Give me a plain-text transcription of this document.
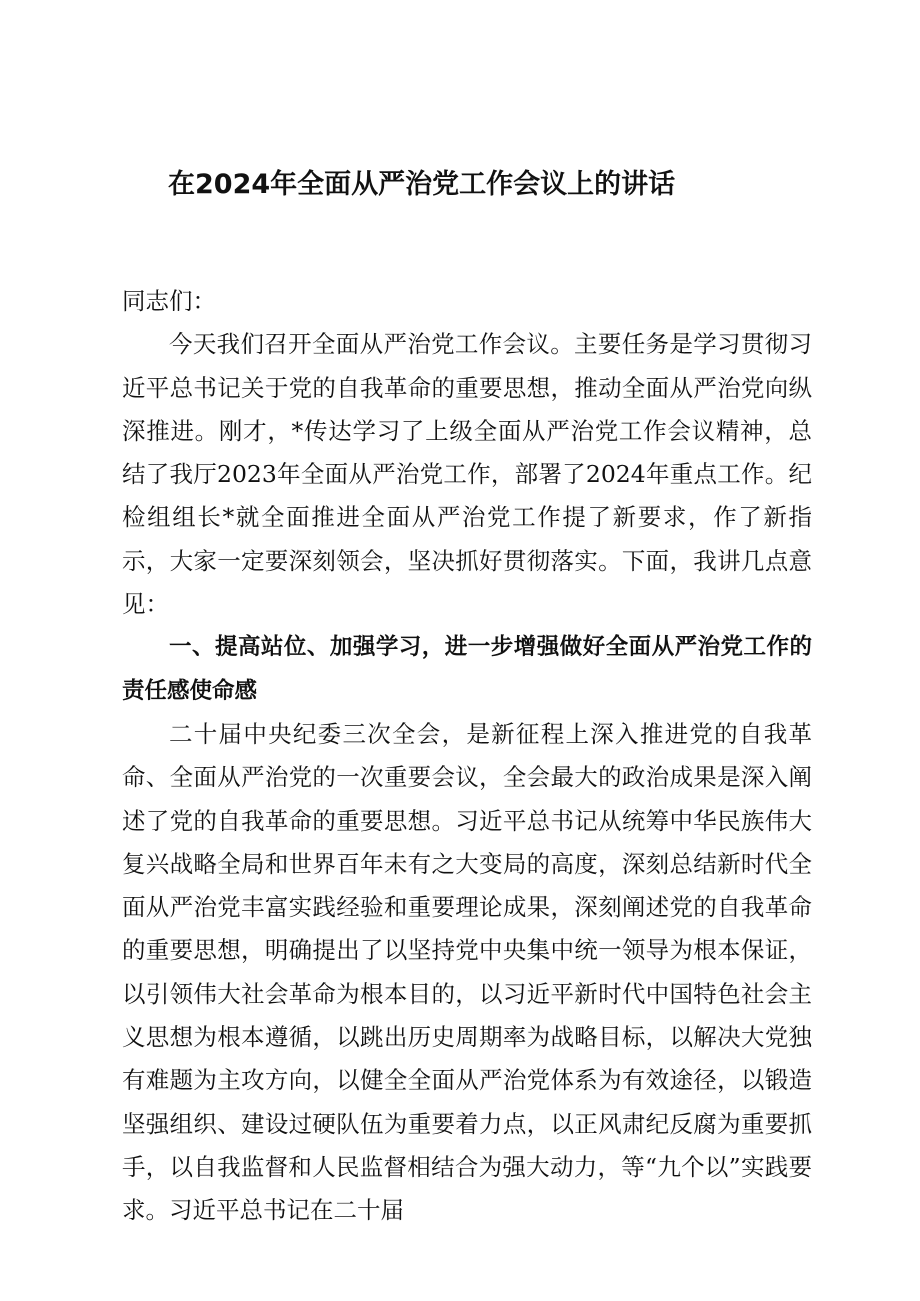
在2024年全面从严治党工作会议上的讲话

同志们：

今天我们召开全面从严治党工作会议。主要任务是学习贯彻习近平总书记关于党的自我革命的重要思想，推动全面从严治党向纵深推进。刚才，*传达学习了上级全面从严治党工作会议精神，总结了我厅2023年全面从严治党工作，部署了2024年重点工作。纪检组组长*就全面推进全面从严治党工作提了新要求，作了新指示，大家一定要深刻领会，坚决抓好贯彻落实。下面，我讲几点意见：

一、提高站位、加强学习，进一步增强做好全面从严治党工作的责任感使命感

二十届中央纪委三次全会，是新征程上深入推进党的自我革命、全面从严治党的一次重要会议，全会最大的政治成果是深入阐述了党的自我革命的重要思想。习近平总书记从统筹中华民族伟大复兴战略全局和世界百年未有之大变局的高度，深刻总结新时代全面从严治党丰富实践经验和重要理论成果，深刻阐述党的自我革命的重要思想，明确提出了以坚持党中央集中统一领导为根本保证，以引领伟大社会革命为根本目的，以习近平新时代中国特色社会主义思想为根本遵循，以跳出历史周期率为战略目标，以解决大党独有难题为主攻方向，以健全全面从严治党体系为有效途径，以锻造坚强组织、建设过硬队伍为重要着力点，以正风肃纪反腐为重要抓手，以自我监督和人民监督相结合为强大动力，等“九个以”实践要求。习近平总书记在二十届
